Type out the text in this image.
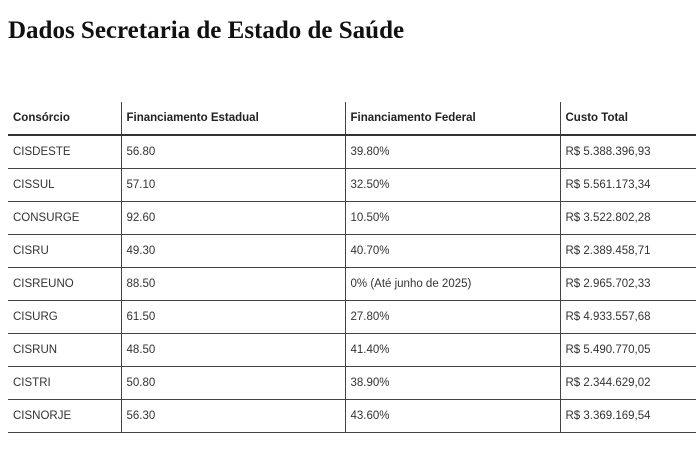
Dados Secretaria de Estado de Saúde
Consórcio	Financiamento Estadual	Financiamento Federal	Custo Total
CISDESTE	56.80	39.80%	R$ 5.388.396,93
CISSUL	57.10	32.50%	R$ 5.561.173,34
CONSURGE	92.60	10.50%	R$ 3.522.802,28
CISRU	49.30	40.70%	R$ 2.389.458,71
CISREUNO	88.50	0% (Até junho de 2025)	R$ 2.965.702,33
CISURG	61.50	27.80%	R$ 4.933.557,68
CISRUN	48.50	41.40%	R$ 5.490.770,05
CISTRI	50.80	38.90%	R$ 2.344.629,02
CISNORJE	56.30	43.60%	R$ 3.369.169,54
